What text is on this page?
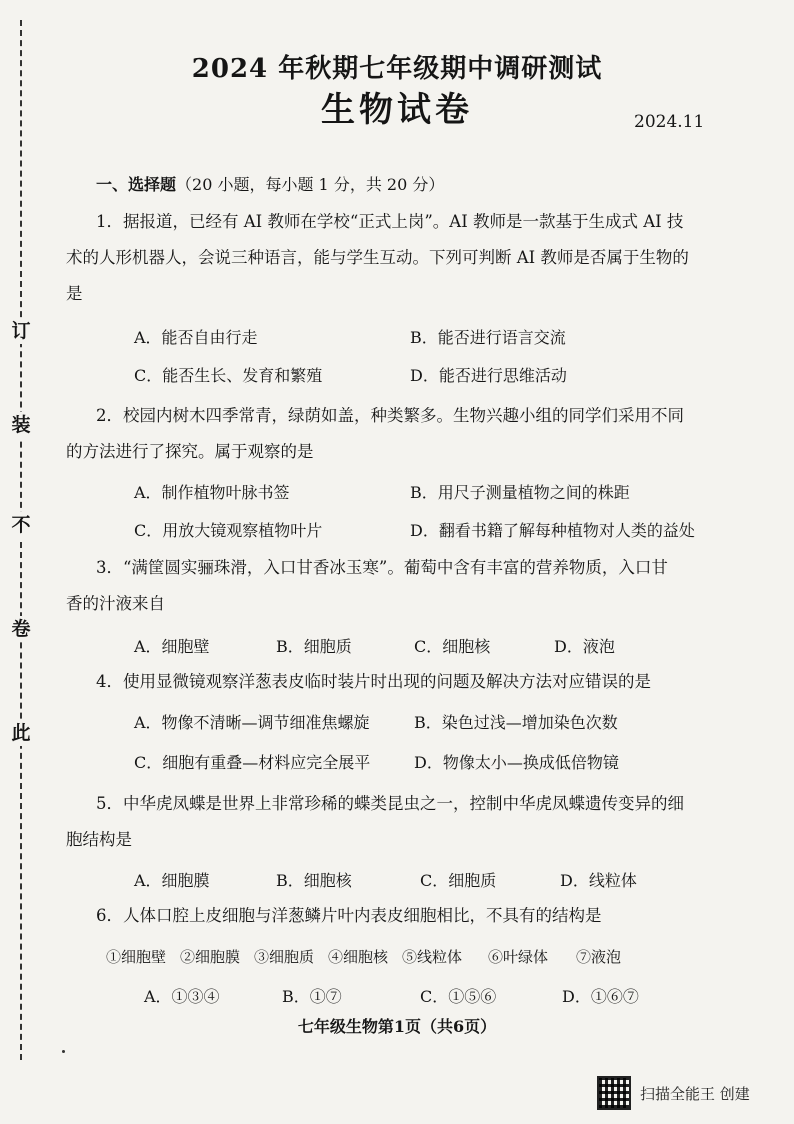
订
装
不
卷
此
2024 年秋期七年级期中调研测试
生物试卷	2024.11
一、选择题（20 小题，每小题 1 分，共 20 分）
1．据报道，已经有 AI 教师在学校“正式上岗”。AI 教师是一款基于生成式 AI 技
术的人形机器人，会说三种语言，能与学生互动。下列可判断 AI 教师是否属于生物的
是
A．能否自由行走	B．能否进行语言交流
C．能否生长、发育和繁殖	D．能否进行思维活动
2．校园内树木四季常青，绿荫如盖，种类繁多。生物兴趣小组的同学们采用不同
的方法进行了探究。属于观察的是
A．制作植物叶脉书签	B．用尺子测量植物之间的株距
C．用放大镜观察植物叶片	D．翻看书籍了解每种植物对人类的益处
3．“满筐圆实骊珠滑，入口甘香冰玉寒”。葡萄中含有丰富的营养物质，入口甘
香的汁液来自
A．细胞壁	B．细胞质	C．细胞核	D．液泡
4．使用显微镜观察洋葱表皮临时装片时出现的问题及解决方法对应错误的是
A．物像不清晰—调节细准焦螺旋	B．染色过浅—增加染色次数
C．细胞有重叠—材料应完全展平	D．物像太小—换成低倍物镜
5．中华虎凤蝶是世界上非常珍稀的蝶类昆虫之一，控制中华虎凤蝶遗传变异的细
胞结构是
A．细胞膜	B．细胞核	C．细胞质	D．线粒体
6．人体口腔上皮细胞与洋葱鳞片叶内表皮细胞相比，不具有的结构是
①细胞壁 ②细胞膜 ③细胞质 ④细胞核 ⑤线粒体 ⑥叶绿体 ⑦液泡
A．①③④	B．①⑦	C．①⑤⑥	D．①⑥⑦
七年级生物第1页（共6页）
扫描全能王 创建
